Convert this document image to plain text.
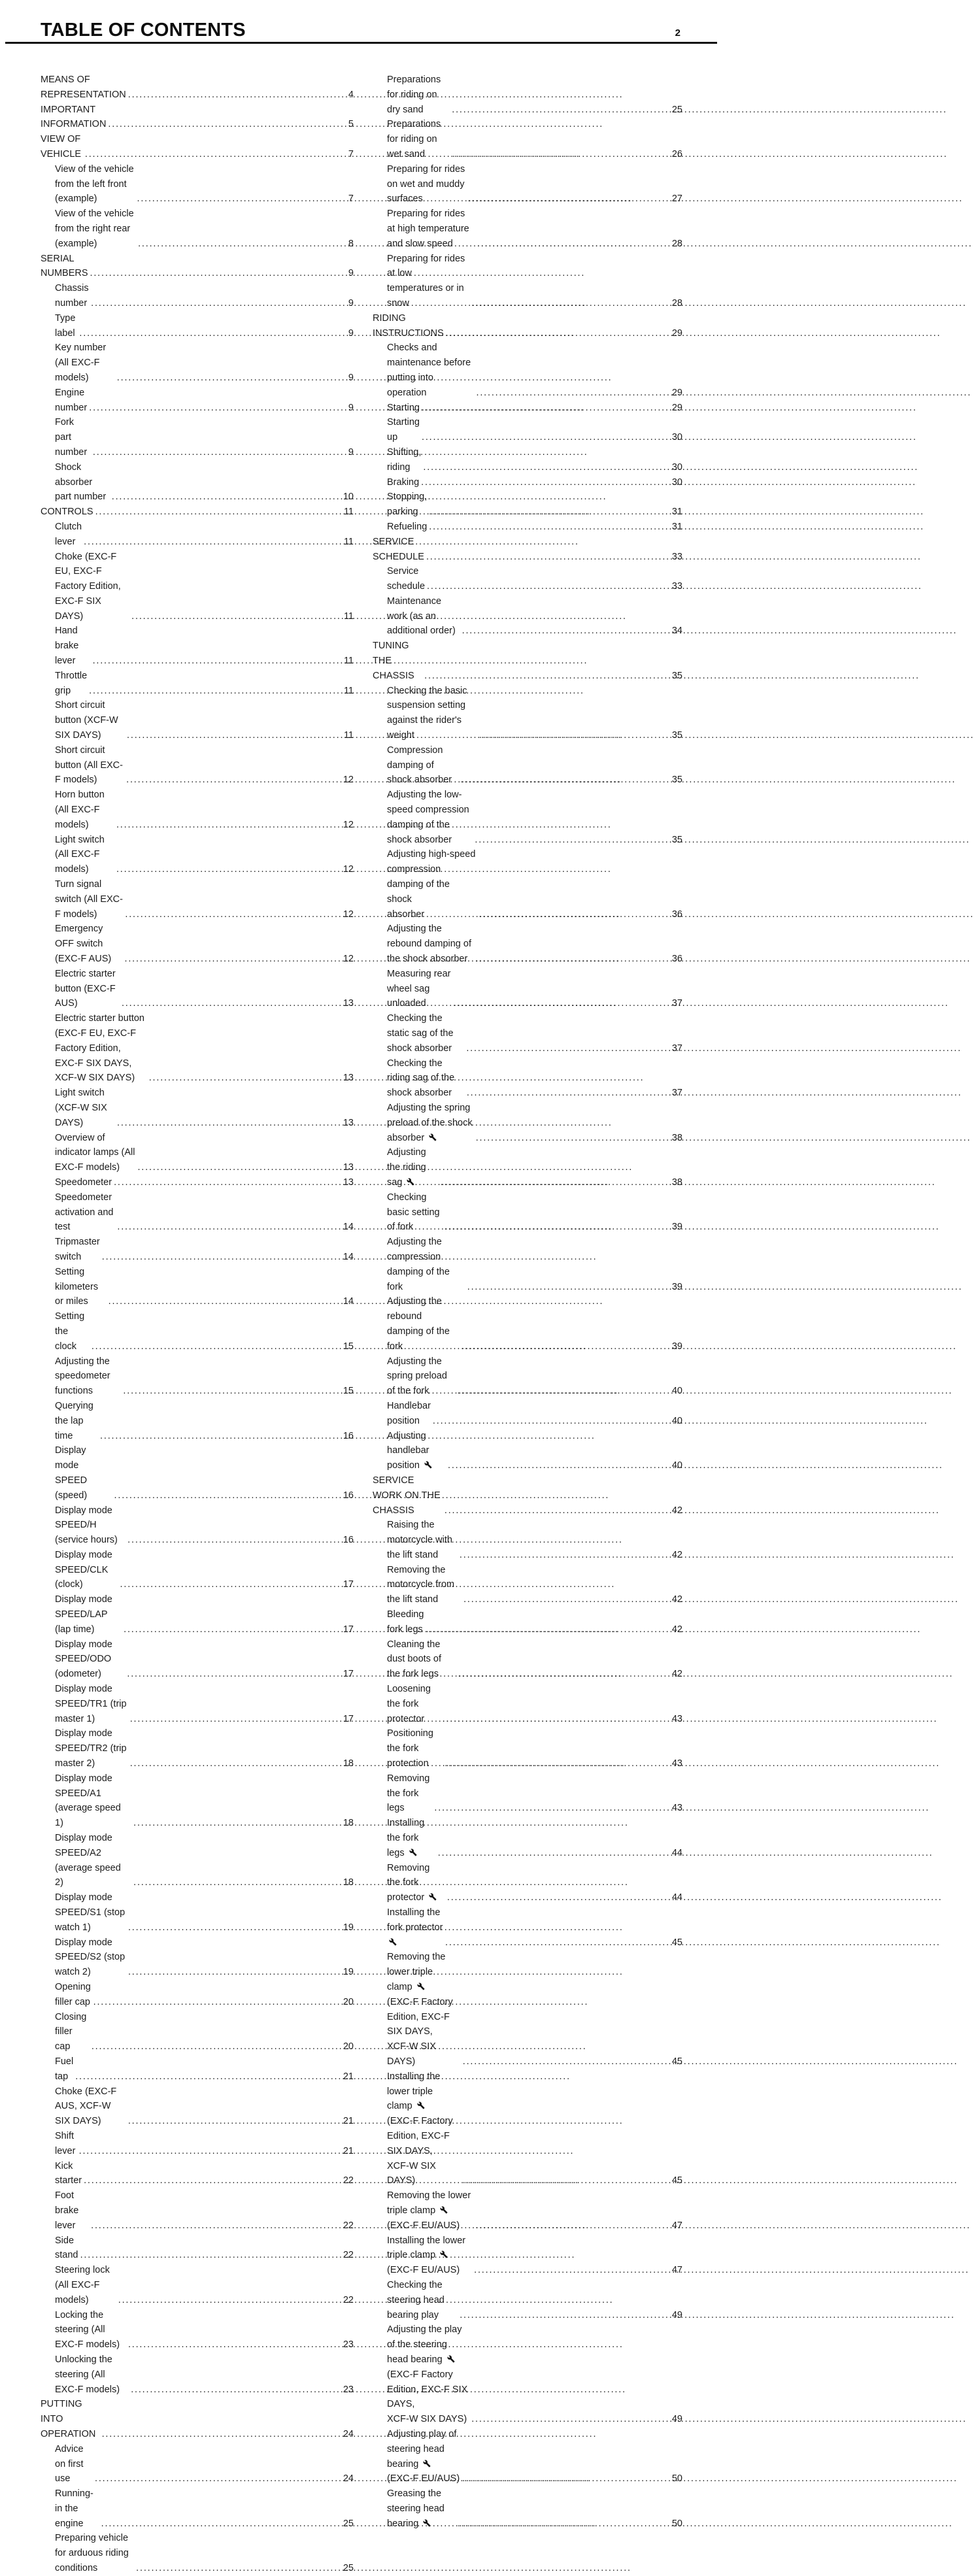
TABLE OF CONTENTS	2
MEANS OF REPRESENTATION .....	4
IMPORTANT INFORMATION .....	5
VIEW OF VEHICLE .....	7
View of the vehicle from the left front (example) .....	7
View of the vehicle from the right rear (example) .....	8
SERIAL NUMBERS .....	9
Chassis number .....	9
Type label .....	9
Key number (All EXC-F models) .....	9
Engine number .....	9
Fork part number .....	9
Shock absorber part number .....	10
CONTROLS .....	11
Clutch lever .....	11
Choke (EXC-F EU, EXC-F Factory Edition,
EXC-F SIX DAYS) .....	11
Hand brake lever .....	11
Throttle grip .....	11
Short circuit button (XCF-W SIX DAYS) .....	11
Short circuit button (All EXC-F models) .....	12
Horn button (All EXC-F models) .....	12
Light switch (All EXC-F models) .....	12
Turn signal switch (All EXC-F models) .....	12
Emergency OFF switch (EXC-F AUS) .....	12
Electric starter button (EXC-F AUS) .....	13
Electric starter button (EXC-F EU, EXC-F Factory Edition,
EXC-F SIX DAYS, XCF-W SIX DAYS) .....	13
Light switch (XCF-W SIX DAYS) .....	13
Overview of indicator lamps (All EXC-F models) .....	13
Speedometer .....	13
Speedometer activation and test .....	14
Tripmaster switch .....	14
Setting kilometers or miles .....	14
Setting the clock .....	15
Adjusting the speedometer functions .....	15
Querying the lap time .....	16
Display mode SPEED (speed) .....	16
Display mode SPEED/H (service hours) .....	16
Display mode SPEED/CLK (clock) .....	17
Display mode SPEED/LAP (lap time) .....	17
Display mode SPEED/ODO (odometer) .....	17
Display mode SPEED/TR1 (trip master 1) .....	17
Display mode SPEED/TR2 (trip master 2) .....	18
Display mode SPEED/A1 (average speed 1) .....	18
Display mode SPEED/A2 (average speed 2) .....	18
Display mode SPEED/S1 (stop watch 1) .....	19
Display mode SPEED/S2 (stop watch 2) .....	19
Opening filler cap .....	20
Closing filler cap .....	20
Fuel tap .....	21
Choke (EXC-F AUS, XCF-W SIX DAYS) .....	21
Shift lever .....	21
Kick starter .....	22
Foot brake lever .....	22
Side stand .....	22
Steering lock (All EXC-F models) .....	22
Locking the steering (All EXC-F models) .....	23
Unlocking the steering (All EXC-F models) .....	23
PUTTING INTO OPERATION .....	24
Advice on first use .....	24
Running-in the engine .....	25
Preparing vehicle for arduous riding conditions .....	25
Preparations for riding on dry sand .....	25
Preparations for riding on wet sand .....	26
Preparing for rides on wet and muddy surfaces .....	27
Preparing for rides at high temperature and slow speed .....	28
Preparing for rides at low temperatures or in snow .....	28
RIDING INSTRUCTIONS .....	29
Checks and maintenance before putting into operation .....	29
Starting .....	29
Starting up .....	30
Shifting, riding .....	30
Braking .....	30
Stopping, parking .....	31
Refueling .....	31
SERVICE SCHEDULE .....	33
Service schedule .....	33
Maintenance work (as an additional order) .....	34
TUNING THE CHASSIS .....	35
Checking the basic suspension setting against the rider's
weight .....	35
Compression damping of shock absorber .....	35
Adjusting the low-speed compression damping of the
shock absorber .....	35
Adjusting high-speed compression damping of the shock
absorber .....	36
Adjusting the rebound damping of the shock absorber .....	36
Measuring rear wheel sag unloaded .....	37
Checking the static sag of the shock absorber .....	37
Checking the riding sag of the shock absorber .....	37
Adjusting the spring preload of the shock absorber .....	38
Adjusting the riding sag .....	38
Checking basic setting of fork .....	39
Adjusting the compression damping of the fork .....	39
Adjusting the rebound damping of the fork .....	39
Adjusting the spring preload of the fork .....	40
Handlebar position .....	40
Adjusting handlebar position .....	40
SERVICE WORK ON THE CHASSIS .....	42
Raising the motorcycle with the lift stand .....	42
Removing the motorcycle from the lift stand .....	42
Bleeding fork legs .....	42
Cleaning the dust boots of the fork legs .....	42
Loosening the fork protector .....	43
Positioning the fork protection .....	43
Removing the fork legs .....	43
Installing the fork legs .....	44
Removing the fork protector .....	44
Installing the fork protector
.....
45
Removing the lower triple clamp
(EXC-F Factory Edition, EXC-F SIX DAYS,
XCF-W SIX DAYS) .....	45
Installing the lower triple clamp
(EXC-F Factory Edition, EXC-F SIX DAYS,
XCF-W SIX DAYS) .....	45
Removing the lower triple clamp  (EXC-F EU/AUS) .....	47
Installing the lower triple clamp  (EXC-F EU/AUS) .....	47
Checking the steering head bearing play .....	49
Adjusting the play of the steering head bearing
(EXC-F Factory Edition, EXC-F SIX DAYS,
XCF-W SIX DAYS) .....	49
Adjusting play of steering head bearing
(EXC-F EU/AUS) .....	50
Greasing the steering head bearing .....	50
